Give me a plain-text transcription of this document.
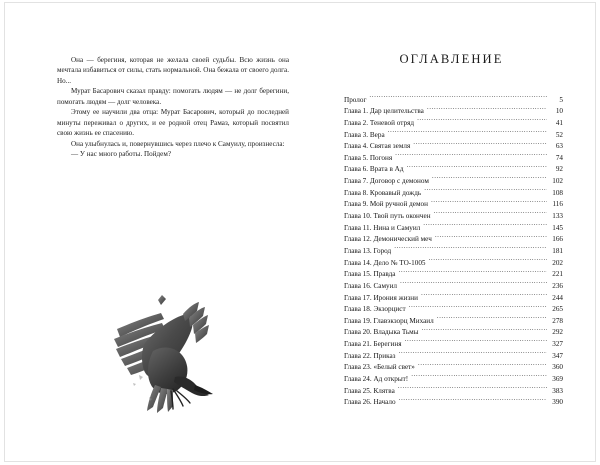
Она — берегиня, которая не желала своей судьбы. Всю жизнь она мечтала избавиться от силы, стать нормальной. Она бежала от своего долга. Но...

Мурат Басарович сказал правду: помогать людям — не долг берегини, помогать людям — долг человека.

Этому ее научили два отца: Мурат Басарович, который до последней минуты переживал о других, и ее родной отец Рамаз, который посвятил свою жизнь ее спасению.

Она улыбнулась и, повернувшись через плечо к Самуилу, произнесла:

— У нас много работы. Пойдем?

ОГЛАВЛЕНИЕ
Пролог .....	5
Глава 1. Дар целительства .....	10
Глава 2. Теневой отряд .....	41
Глава 3. Вера .....	52
Глава 4. Святая земля .....	63
Глава 5. Погоня .....	74
Глава 6. Врата в Ад .....	92
Глава 7. Договор с демоном .....	102
Глава 8. Кровавый дождь .....	108
Глава 9. Мой ручной демон .....	116
Глава 10. Твой путь окончен .....	133
Глава 11. Нина и Самуил .....	145
Глава 12. Демонический меч .....	166
Глава 13. Город .....	181
Глава 14. Дело № ТО-1005 .....	202
Глава 15. Правда .....	221
Глава 16. Самуил .....	236
Глава 17. Ирония жизни .....	244
Глава 18. Экзорцист .....	265
Глава 19. Главэкзорц Михаил .....	278
Глава 20. Владыка Тьмы .....	292
Глава 21. Берегиня .....	327
Глава 22. Приказ .....	347
Глава 23. «Белый свет» .....	360
Глава 24. Ад открыт! .....	369
Глава 25. Клятва .....	383
Глава 26. Начало .....	390
